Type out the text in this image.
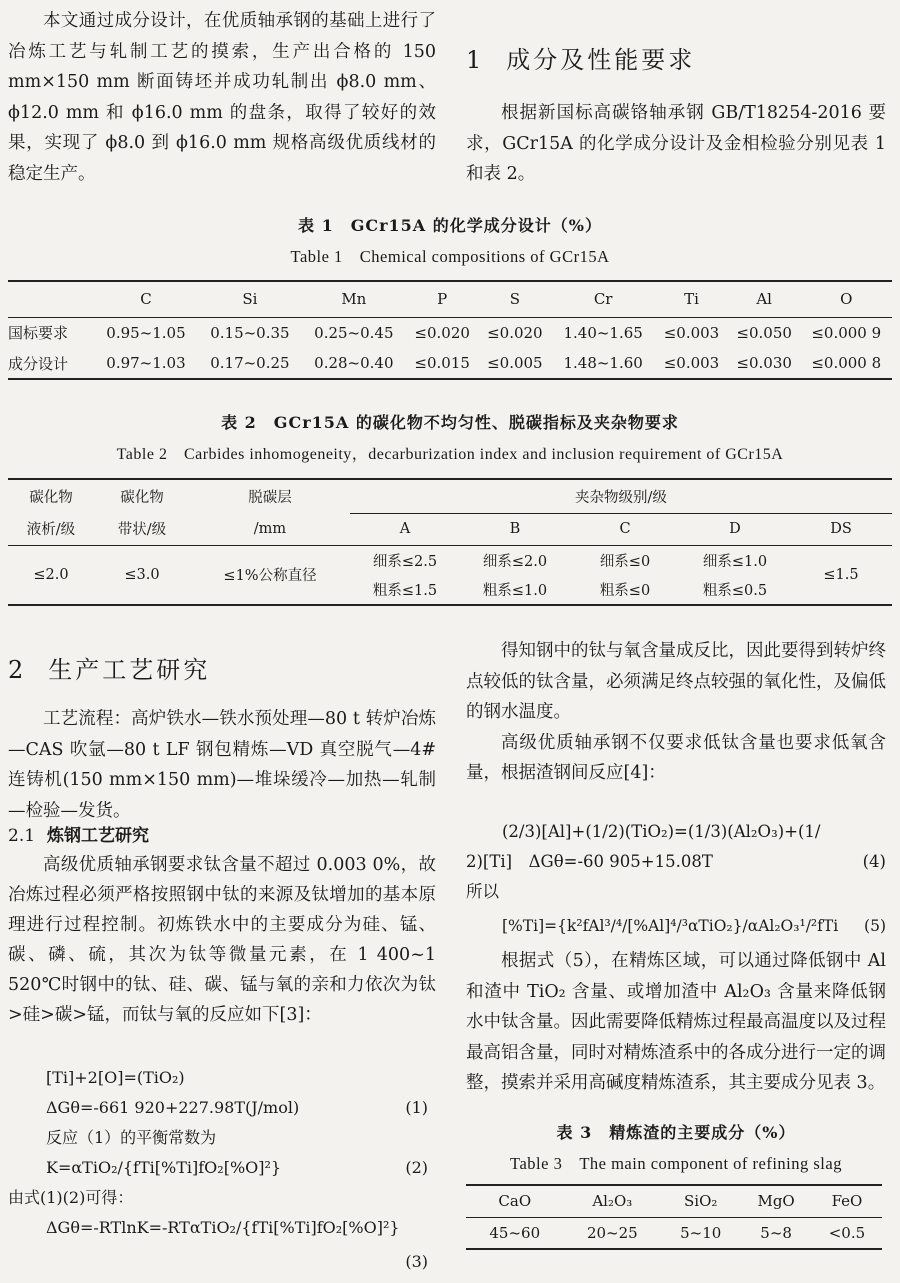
本文通过成分设计，在优质轴承钢的基础上进行了冶炼工艺与轧制工艺的摸索，生产出合格的 150 mm×150 mm 断面铸坯并成功轧制出 ϕ8.0 mm、ϕ12.0 mm 和 ϕ16.0 mm 的盘条，取得了较好的效果，实现了 ϕ8.0 到 ϕ16.0 mm 规格高级优质线材的稳定生产。

1 成分及性能要求

根据新国标高碳铬轴承钢 GB/T18254-2016 要求，GCr15A 的化学成分设计及金相检验分别见表 1 和表 2。

表 1　GCr15A 的化学成分设计（%）
Table 1　Chemical compositions of GCr15A
	C	Si	Mn	P	S	Cr	Ti	Al	O
国标要求	0.95~1.05	0.15~0.35	0.25~0.45	≤0.020	≤0.020	1.40~1.65	≤0.003	≤0.050	≤0.000 9
成分设计	0.97~1.03	0.17~0.25	0.28~0.40	≤0.015	≤0.005	1.48~1.60	≤0.003	≤0.030	≤0.000 8
表 2　GCr15A 的碳化物不均匀性、脱碳指标及夹杂物要求
Table 2　Carbides inhomogeneity，decarburization index and inclusion requirement of GCr15A
碳化物	碳化物	脱碳层	夹杂物级别/级				
液析/级	带状/级	/mm	A	B	C	D	DS
≤2.0	≤3.0	≤1%公称直径	细系≤2.5	细系≤2.0	细系≤0	细系≤1.0	≤1.5
			粗系≤1.5	粗系≤1.0	粗系≤0	粗系≤0.5	
2 生产工艺研究

工艺流程：高炉铁水—铁水预处理—80 t 转炉冶炼—CAS 吹氩—80 t LF 钢包精炼—VD 真空脱气—4# 连铸机(150 mm×150 mm)—堆垛缓冷—加热—轧制—检验—发货。

2.1 炼钢工艺研究

高级优质轴承钢要求钛含量不超过 0.003 0%，故冶炼过程必须严格按照钢中钛的来源及钛增加的基本原理进行过程控制。初炼铁水中的主要成分为硅、锰、碳、磷、硫，其次为钛等微量元素，在 1 400~1 520℃时钢中的钛、硅、碳、锰与氧的亲和力依次为钛>硅>碳>锰，而钛与氧的反应如下[3]：

[Ti]+2[O]=(TiO₂)
ΔGθ=-661 920+227.98T(J/mol)	(1)
反应（1）的平衡常数为
K=αTiO₂/{fTi[%Ti]fO₂[%O]²}	(2)
由式(1)(2)可得：
ΔGθ=-RTlnK=-RTαTiO₂/{fTi[%Ti]fO₂[%O]²}
(3)

得知钢中的钛与氧含量成反比，因此要得到转炉终点较低的钛含量，必须满足终点较强的氧化性，及偏低的钢水温度。

高级优质轴承钢不仅要求低钛含量也要求低氧含量，根据渣钢间反应[4]：

(2/3)[Al]+(1/2)(TiO₂)=(1/3)(Al₂O₃)+(1/
2)[Ti]　ΔGθ=-60 905+15.08T	(4)
所以
[%Ti]={k²fAl³/⁴/[%Al]⁴/³αTiO₂}/αAl₂O₃¹/²fTi (5)

根据式（5），在精炼区域，可以通过降低钢中 Al 和渣中 TiO₂ 含量、或增加渣中 Al₂O₃ 含量来降低钢水中钛含量。因此需要降低精炼过程最高温度以及过程最高铝含量，同时对精炼渣系中的各成分进行一定的调整，摸索并采用高碱度精炼渣系，其主要成分见表 3。

表 3　精炼渣的主要成分（%）
Table 3　The main component of refining slag
CaO	Al₂O₃	SiO₂	MgO	FeO
45~60	20~25	5~10	5~8	<0.5
